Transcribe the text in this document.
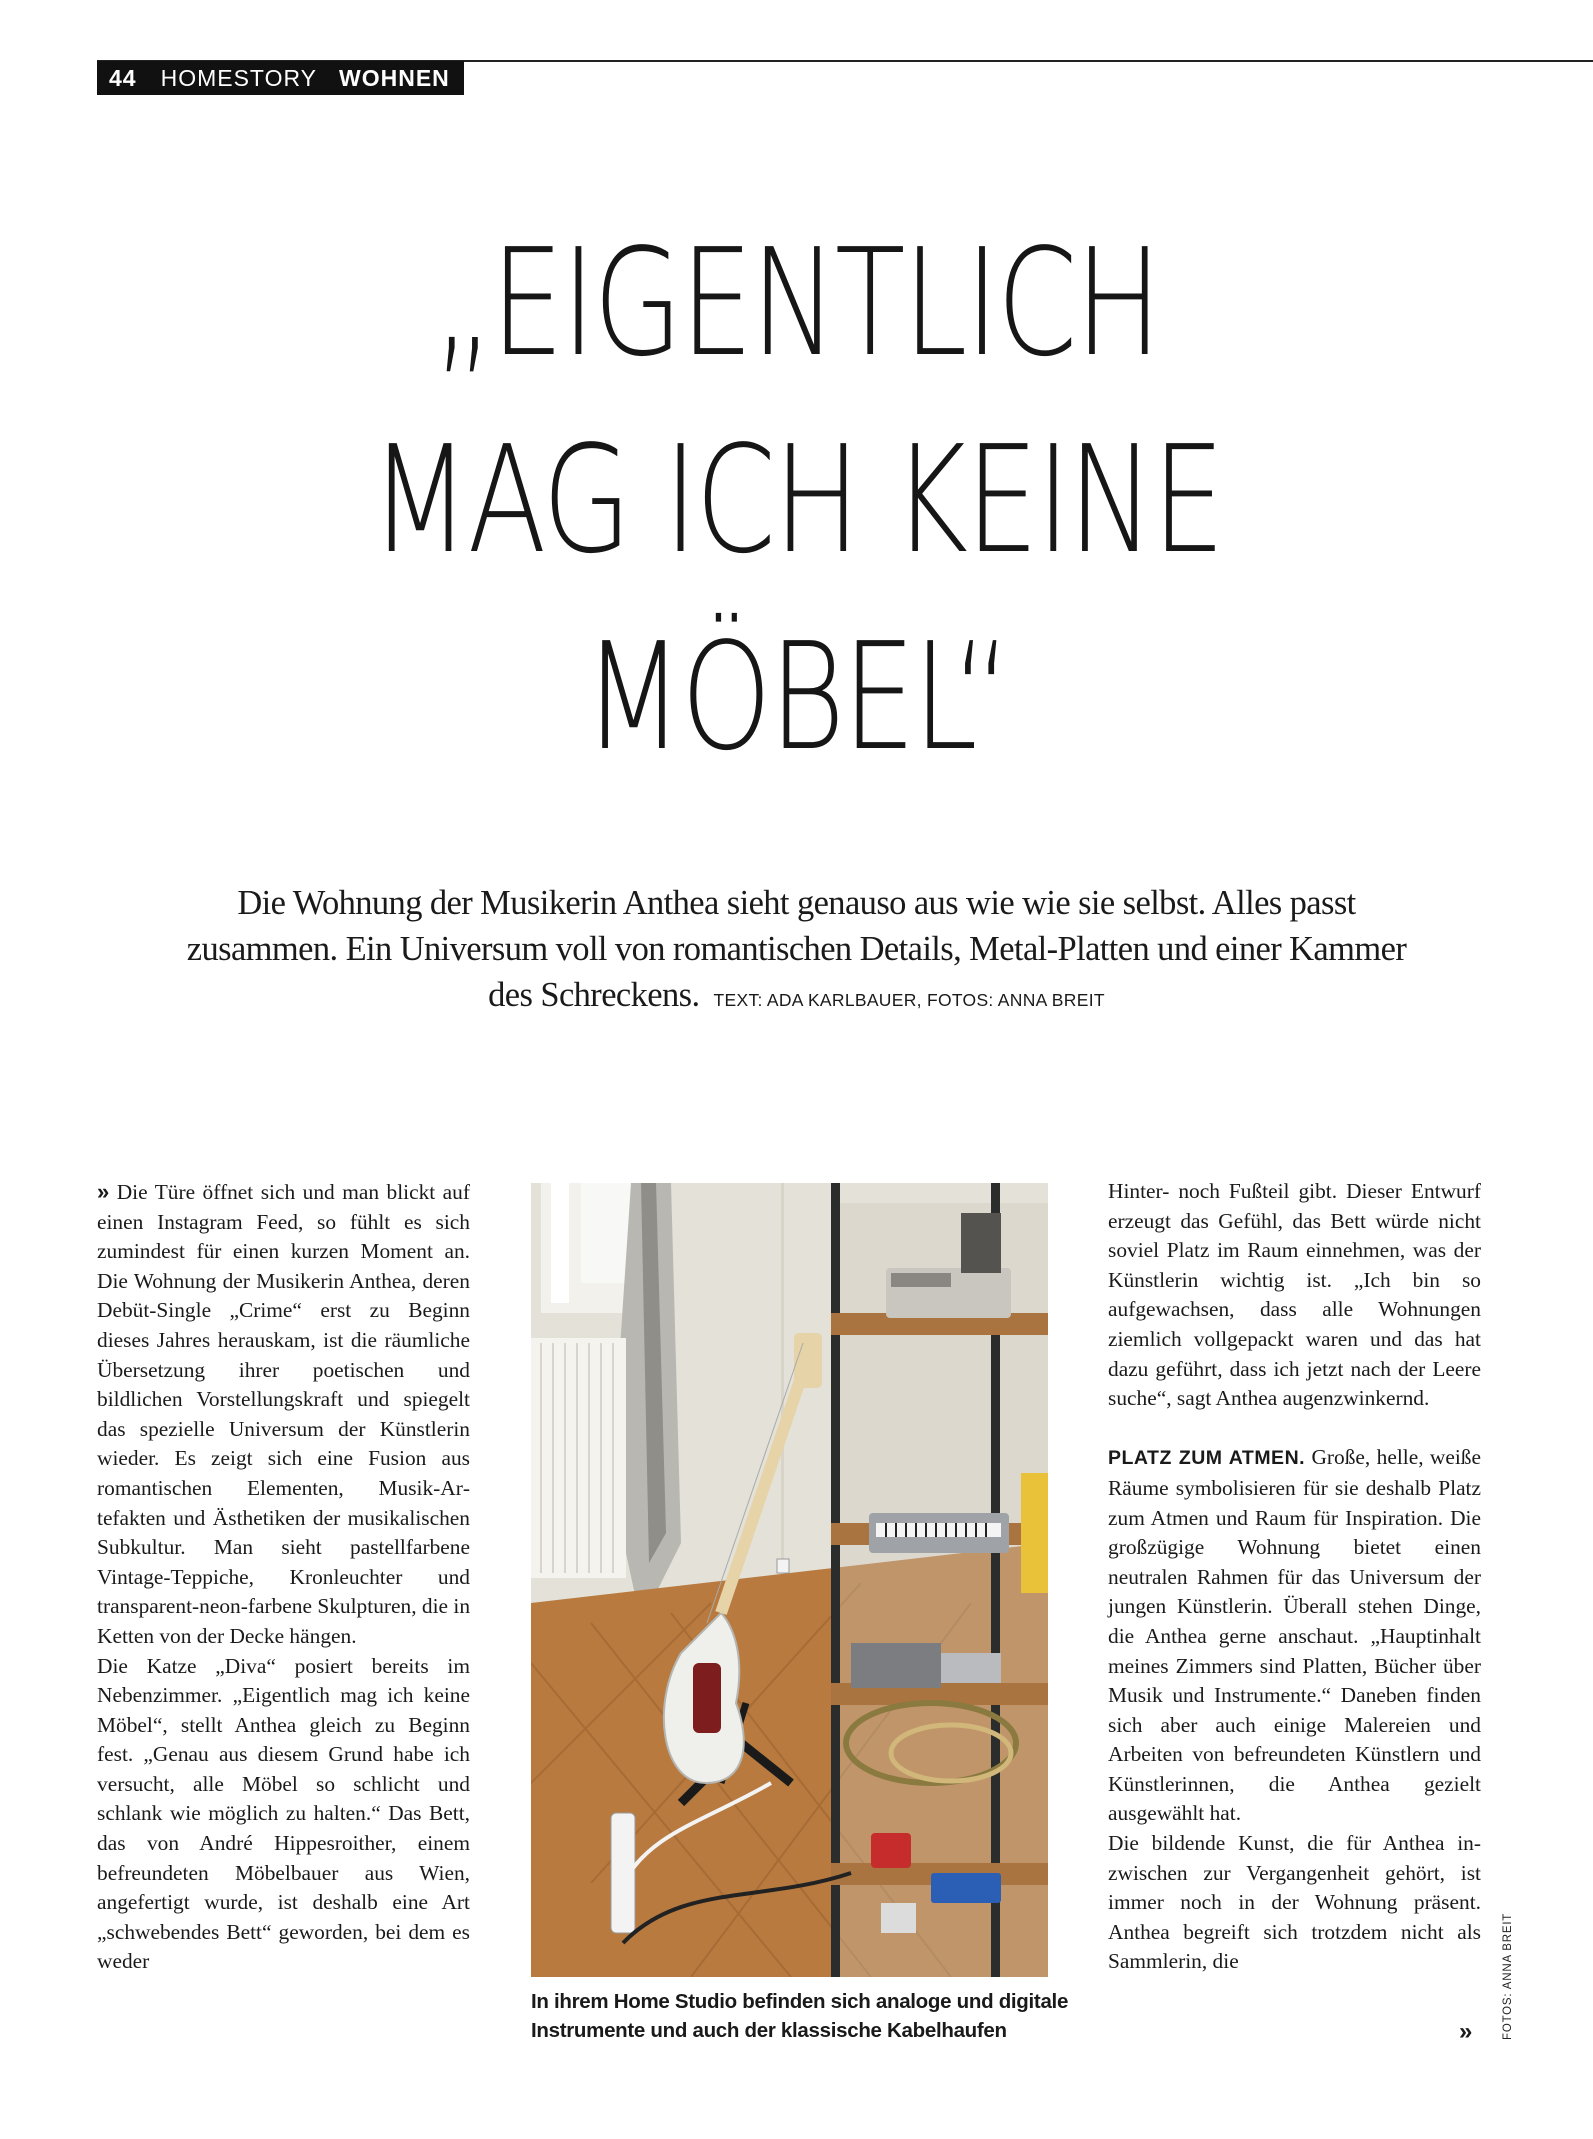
44 HOMESTORY WOHNEN
„EIGENTLICH
MAG ICH KEINE
MÖBEL“
Die Wohnung der Musikerin Anthea sieht genauso aus wie wie sie selbst. Alles passt zusammen. Ein Universum voll von romantischen Details, Metal-Platten und einer Kammer des Schreckens. TEXT: ADA KARLBAUER, FOTOS: ANNA BREIT

» Die Türe öffnet sich und man blickt auf einen Instagram Feed, so fühlt es sich zumindest für einen kurzen Moment an. Die Wohnung der Musikerin Anthea, deren Debüt-Single „Crime“ erst zu Beginn dieses Jahres herauskam, ist die räumliche Übersetzung ihrer poetischen und bildlichen Vorstellungskraft und spiegelt das spezielle Universum der Künstlerin wieder. Es zeigt sich eine Fusion aus romantischen Elementen, Musik-Artefakten und Ästhetiken der musikalischen Subkultur. Man sieht pastellfarbene Vintage-Teppiche, Kronleuchter und transparent-neon-farbene Skulpturen, die in Ketten von der Decke hängen.

Die Katze „Diva“ posiert bereits im Nebenzimmer. „Eigentlich mag ich keine Möbel“, stellt Anthea gleich zu Beginn fest. „Genau aus diesem Grund habe ich versucht, alle Möbel so schlicht und schlank wie möglich zu halten.“ Das Bett, das von André Hippesroither, einem befreundeten Möbelbauer aus Wien, angefertigt wurde, ist deshalb eine Art „schwebendes Bett“ geworden, bei dem es weder

In ihrem Home Studio befinden sich analoge und digitale Instrumente und auch der klassische Kabelhaufen

Hinter- noch Fußteil gibt. Dieser Entwurf erzeugt das Gefühl, das Bett würde nicht soviel Platz im Raum einnehmen, was der Künstlerin wichtig ist. „Ich bin so aufgewachsen, dass alle Wohnungen ziemlich vollgepackt waren und das hat dazu geführt, dass ich jetzt nach der Leere suche“, sagt Anthea augenzwinkernd.

PLATZ ZUM ATMEN. Große, helle, weiße Räume symbolisieren für sie deshalb Platz zum Atmen und Raum für Inspiration. Die großzügige Wohnung bietet einen neutralen Rahmen für das Universum der jungen Künstlerin. Überall stehen Dinge, die Anthea gerne anschaut. „Hauptinhalt meines Zimmers sind Platten, Bücher über Musik und Instrumente.“ Daneben finden sich aber auch einige Malereien und Arbeiten von befreundeten Künstlern und Künstlerinnen, die Anthea gezielt ausgewählt hat.

Die bildende Kunst, die für Anthea inzwischen zur Vergangenheit gehört, ist immer noch in der Wohnung präsent. Anthea begreift sich trotzdem nicht als Sammlerin, die

»	FOTOS: ANNA BREIT
